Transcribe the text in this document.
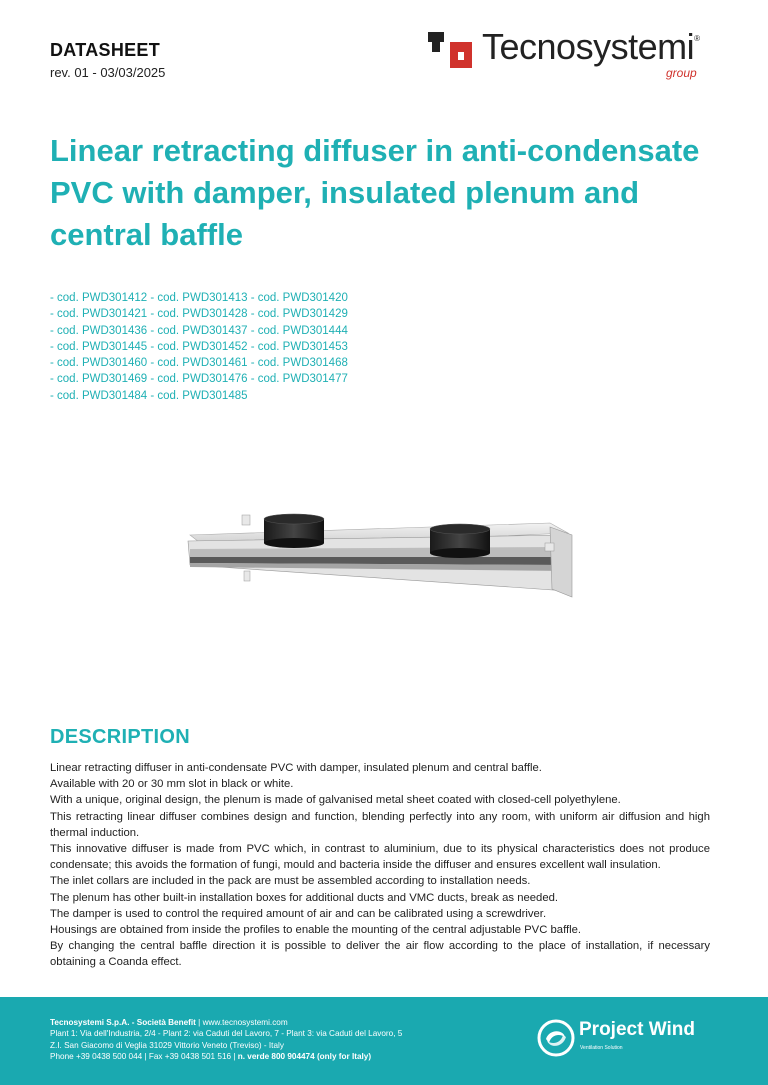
DATASHEET
rev. 01 - 03/03/2025
Tecnosystemi®
group
Linear retracting diffuser in anti-condensate PVC with damper, insulated plenum and central baffle
- cod. PWD301412 - cod. PWD301413 - cod. PWD301420
- cod. PWD301421 - cod. PWD301428 - cod. PWD301429
- cod. PWD301436 - cod. PWD301437 - cod. PWD301444
- cod. PWD301445 - cod. PWD301452 - cod. PWD301453
- cod. PWD301460 - cod. PWD301461 - cod. PWD301468
- cod. PWD301469 - cod. PWD301476 - cod. PWD301477
- cod. PWD301484 - cod. PWD301485
DESCRIPTION

Linear retracting diffuser in anti-condensate PVC with damper, insulated plenum and central baffle.

Available with 20 or 30 mm slot in black or white.

With a unique, original design, the plenum is made of galvanised metal sheet coated with closed-cell polyethylene.

This retracting linear diffuser combines design and function, blending perfectly into any room, with uniform air diffusion and high thermal induction.

This innovative diffuser is made from PVC which, in contrast to aluminium, due to its physical characteristics does not produce condensate; this avoids the formation of fungi, mould and bacteria inside the diffuser and ensures excellent wall insulation.

The inlet collars are included in the pack are must be assembled according to installation needs.

The plenum has other built-in installation boxes for additional ducts and VMC ducts, break as needed.

The damper is used to control the required amount of air and can be calibrated using a screwdriver.

Housings are obtained from inside the profiles to enable the mounting of the central adjustable PVC baffle.

By changing the central baffle direction it is possible to deliver the air flow according to the place of installation, if necessary obtaining a Coanda effect.

Tecnosystemi S.p.A. - Società Benefit | www.tecnosystemi.com
Plant 1: Via dell'Industria, 2/4 - Plant 2: via Caduti del Lavoro, 7 - Plant 3: via Caduti del Lavoro, 5
Z.I. San Giacomo di Veglia 31029 Vittorio Veneto (Treviso) - Italy
Phone +39 0438 500 044 | Fax +39 0438 501 516 | n. verde 800 904474 (only for Italy)
Project Wind
Ventilation Solution
